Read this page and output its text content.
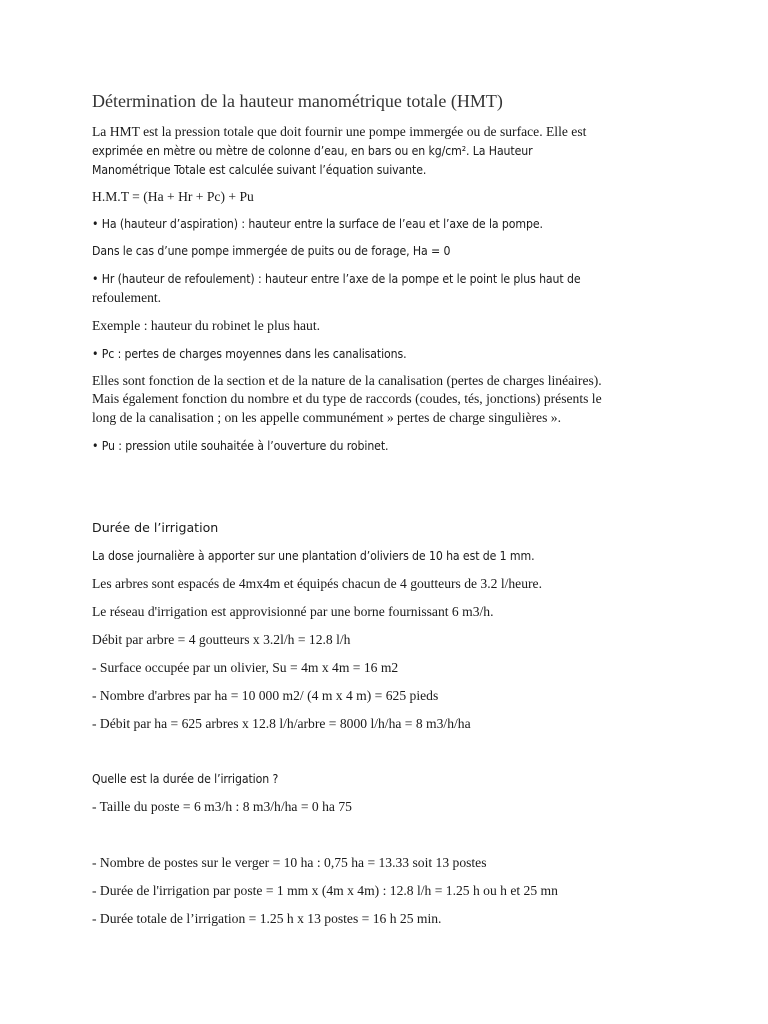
Détermination de la hauteur manométrique totale (HMT)
La HMT est la pression totale que doit fournir une pompe immergée ou de surface. Elle est
exprimée en mètre ou mètre de colonne d’eau, en bars ou en kg/cm². La Hauteur
Manométrique Totale est calculée suivant l’équation suivante.
H.M.T = (Ha + Hr + Pc) + Pu
• Ha (hauteur d’aspiration) : hauteur entre la surface de l’eau et l’axe de la pompe.
Dans le cas d’une pompe immergée de puits ou de forage, Ha = 0
• Hr (hauteur de refoulement) : hauteur entre l’axe de la pompe et le point le plus haut de
refoulement.
Exemple : hauteur du robinet le plus haut.
• Pc : pertes de charges moyennes dans les canalisations.
Elles sont fonction de la section et de la nature de la canalisation (pertes de charges linéaires).
Mais également fonction du nombre et du type de raccords (coudes, tés, jonctions) présents le
long de la canalisation ; on les appelle communément » pertes de charge singulières ».
• Pu : pression utile souhaitée à l’ouverture du robinet.
Durée de l’irrigation
La dose journalière à apporter sur une plantation d’oliviers de 10 ha est de 1 mm.
Les arbres sont espacés de 4mx4m et équipés chacun de 4 goutteurs de 3.2 l/heure.
Le réseau d'irrigation est approvisionné par une borne fournissant 6 m3/h.
Débit par arbre = 4 goutteurs x 3.2l/h = 12.8 l/h
- Surface occupée par un olivier, Su = 4m x 4m = 16 m2
- Nombre d'arbres par ha = 10 000 m2/ (4 m x 4 m) = 625 pieds
- Débit par ha = 625 arbres x 12.8 l/h/arbre = 8000 l/h/ha = 8 m3/h/ha
Quelle est la durée de l’irrigation ?
- Taille du poste = 6 m3/h : 8 m3/h/ha = 0 ha 75
- Nombre de postes sur le verger = 10 ha : 0,75 ha = 13.33 soit 13 postes
- Durée de l'irrigation par poste = 1 mm x (4m x 4m) : 12.8 l/h = 1.25 h ou h et 25 mn
- Durée totale de l’irrigation = 1.25 h x 13 postes = 16 h 25 min.
